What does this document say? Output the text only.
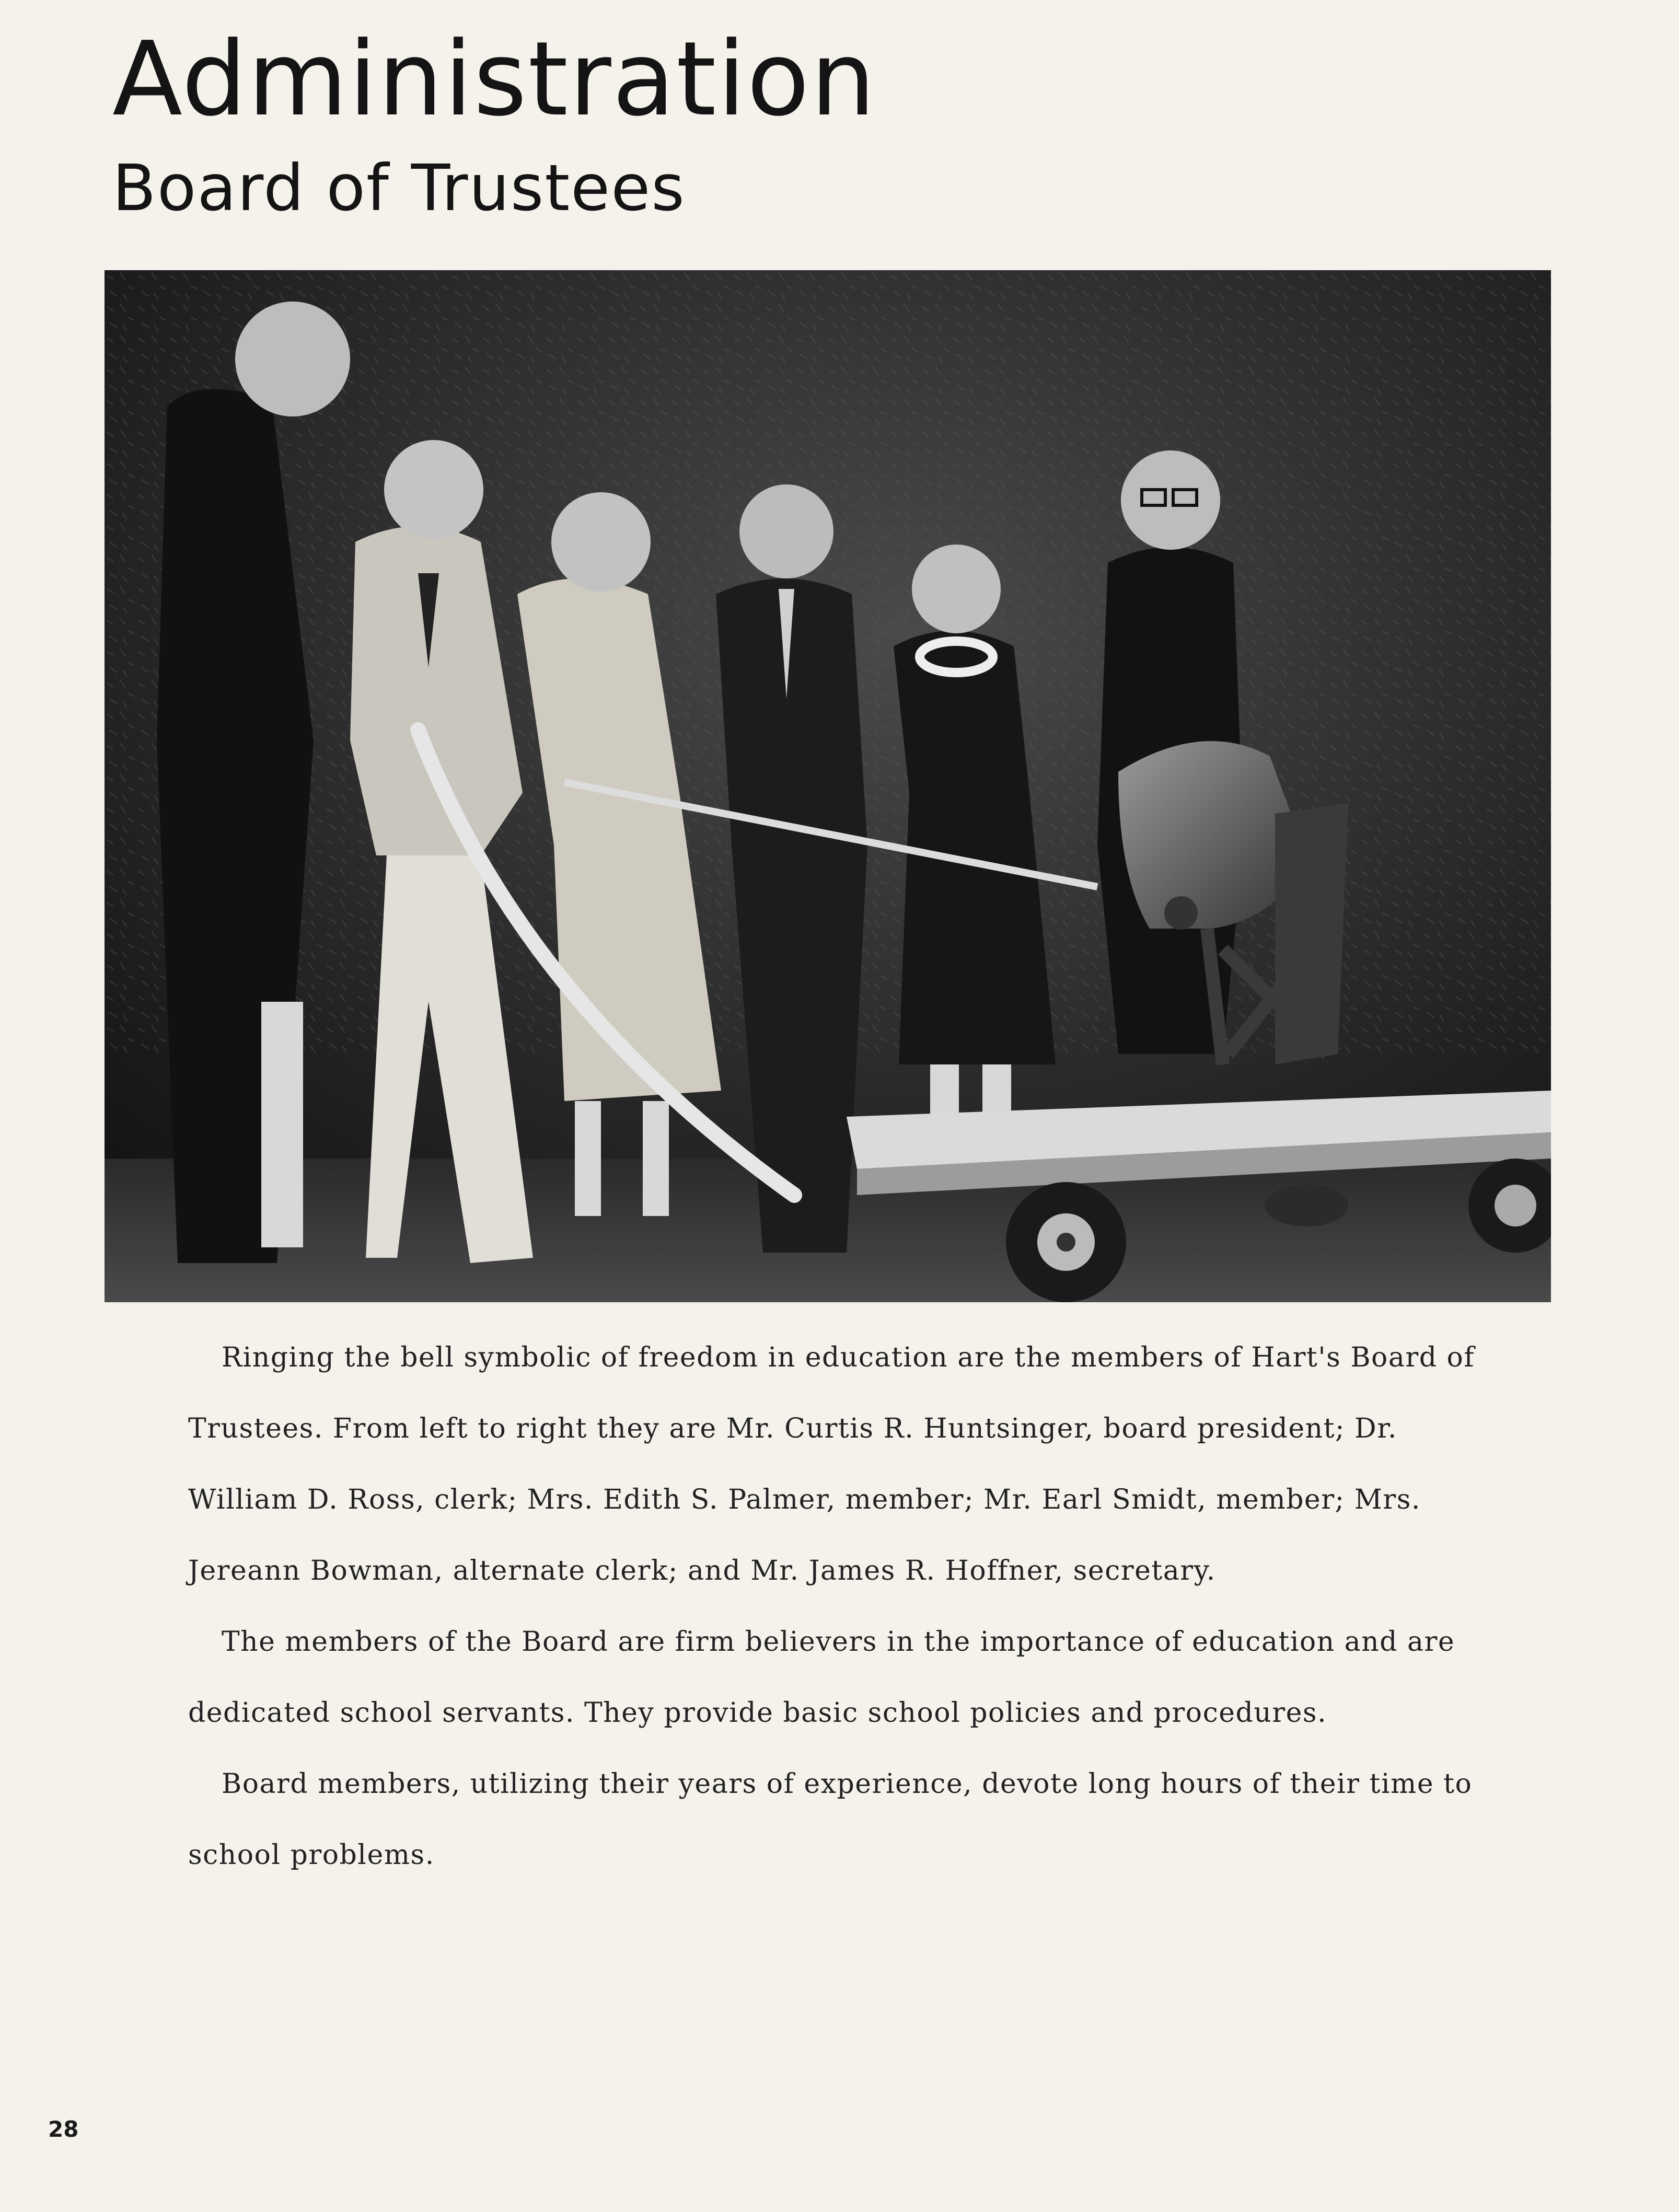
Administration
Board of Trustees

Ringing the bell symbolic of freedom in education are the members of Hart's Board of Trustees. From left to right they are Mr. Curtis R. Huntsinger, board president; Dr. William D. Ross, clerk; Mrs. Edith S. Palmer, member; Mr. Earl Smidt, member; Mrs. Jereann Bowman, alternate clerk; and Mr. James R. Hoffner, secretary.

The members of the Board are firm believers in the importance of education and are dedicated school servants. They provide basic school policies and procedures.

Board members, utilizing their years of experience, devote long hours of their time to school problems.

28
